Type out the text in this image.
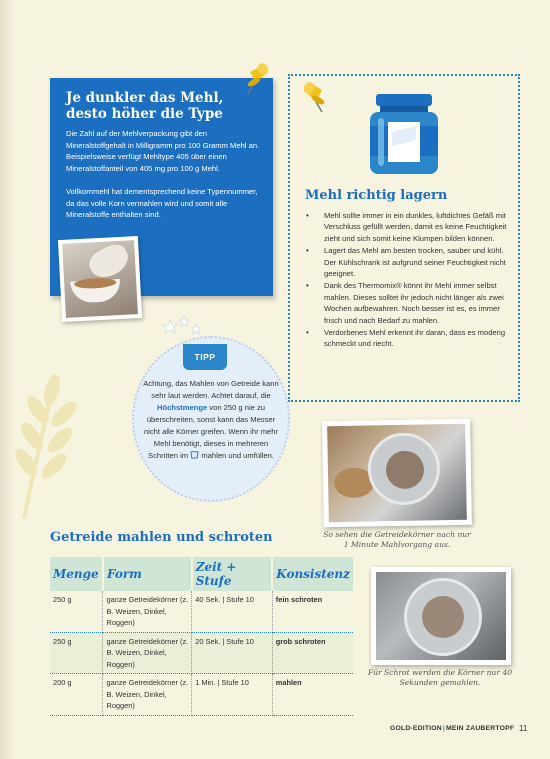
Je dunkler das Mehl, desto höher die Type

Die Zahl auf der Mehlverpackung gibt den Mineralstoffgehalt in Milligramm pro 100 Gramm Mehl an. Beispielsweise verfügt Mehltype 405 über einen Mineralstoffanteil von 405 mg pro 100 g Mehl.

Vollkornmehl hat dementsprechend keine Typennummer, da das volle Korn vermahlen wird und somit alle Mineralstoffe enthalten sind.

Mehl richtig lagern
• Mehl sollte immer in ein dunkles, luftdichtes Gefäß mit Verschluss gefüllt werden, damit es keine Feuchtigkeit zieht und sich somit keine Klumpen bilden können.
• Lagert das Mehl am besten trocken, sauber und kühl. Der Kühlschrank ist aufgrund seiner Feuchtigkeit nicht geeignet.
• Dank des Thermomix® könnt ihr Mehl immer selbst mahlen. Dieses solltet ihr jedoch nicht länger als zwei Wochen aufbewahren. Noch besser ist es, es immer frisch und nach Bedarf zu mahlen.
• Verdorbenes Mehl erkennt ihr daran, dass es moderig schmeckt und riecht.
TIPP
Achtung, das Mahlen von Getreide kann sehr laut werden. Achtet darauf, die Höchstmenge von 250 g nie zu überschreiten, sonst kann das Messer nicht alle Körner greifen. Wenn ihr mehr Mehl benötigt, dieses in mehreren Schritten im mahlen und umfüllen.
So sehen die Getreidekörner nach nur 1 Minute Mahlvorgang aus.
Für Schrot werden die Körner nur 40 Sekunden gemahlen.
Getreide mahlen und schroten
Menge	Form	Zeit + Stufe	Konsistenz
250 g	ganze Getreidekörner (z. B. Weizen, Dinkel, Roggen)	40 Sek. | Stufe 10	fein schroten
250 g	ganze Getreidekörner (z. B. Weizen, Dinkel, Roggen)	20 Sek. | Stufe 10	grob schroten
200 g	ganze Getreidekörner (z. B. Weizen, Dinkel, Roggen)	1 Min. | Stufe 10	mahlen
GOLD-EDITION|MEIN ZAUBERTOPF 11
